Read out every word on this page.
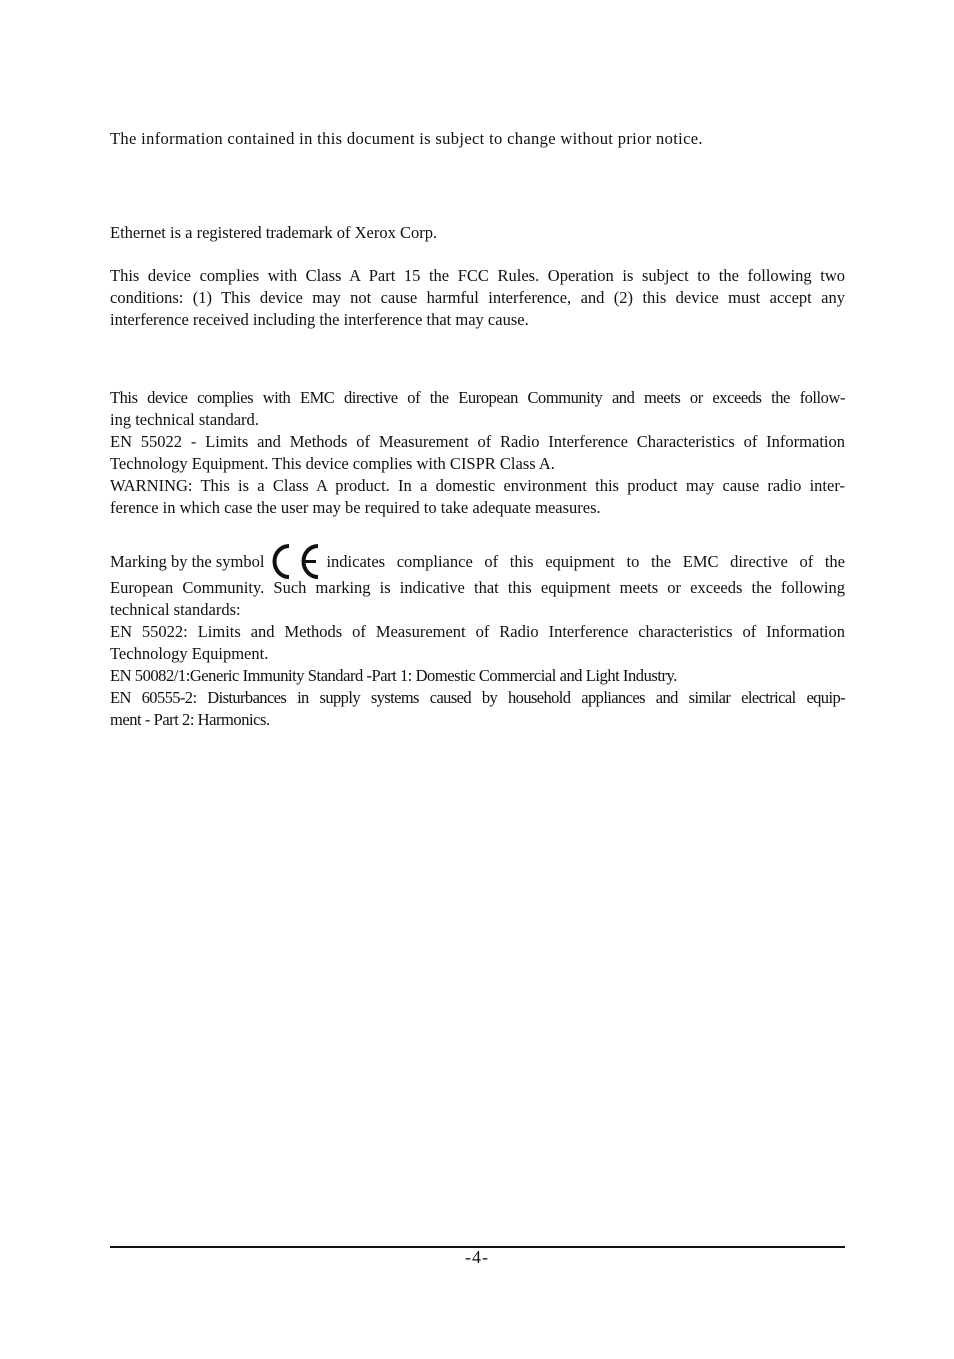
The information contained in this document is subject to change without prior notice.

Ethernet is a registered trademark of Xerox Corp.

This device complies with Class A Part 15 the FCC Rules. Operation is subject to the following two
conditions: (1) This device may not cause harmful interference, and (2) this device must accept any
interference received including the interference that may cause.

This device complies with EMC directive of the European Community and meets or exceeds the follow-
ing technical standard.
EN 55022 - Limits and Methods of Measurement of Radio Interference Characteristics of Information
Technology Equipment. This device complies with CISPR Class A.
WARNING: This is a Class A product. In a domestic environment this product may cause radio inter-
ference in which case the user may be required to take adequate measures.

Marking by the symbol	indicates compliance of this equipment to the EMC directive of the
European Community. Such marking is indicative that this equipment meets or exceeds the following
technical standards:
EN 55022: Limits and Methods of Measurement of Radio Interference characteristics of Information
Technology Equipment.
EN 50082/1:Generic Immunity Standard -Part 1: Domestic Commercial and Light Industry.
EN 60555-2: Disturbances in supply systems caused by household appliances and similar electrical equip-
ment - Part 2: Harmonics.
-4-
